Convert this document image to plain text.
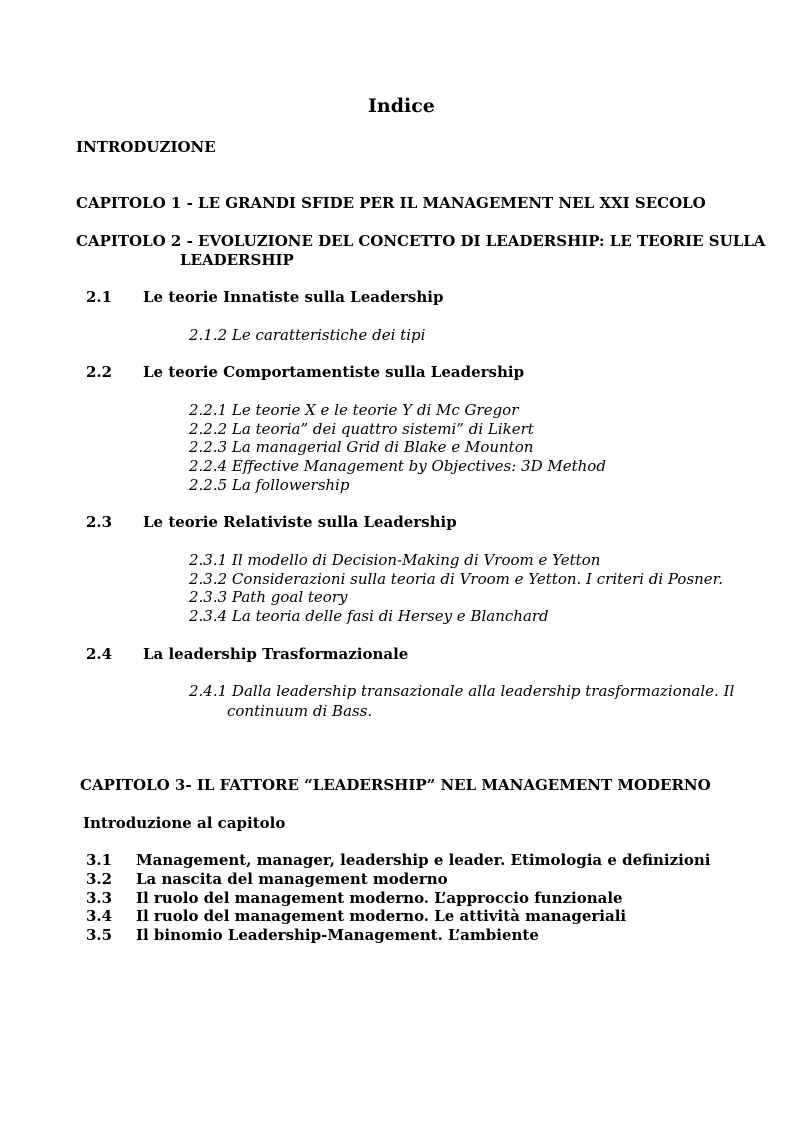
Indice
INTRODUZIONE
CAPITOLO 1 - LE GRANDI SFIDE PER IL MANAGEMENT NEL XXI SECOLO
CAPITOLO 2 - EVOLUZIONE DEL CONCETTO DI LEADERSHIP: LE TEORIE SULLA
LEADERSHIP
2.1 Le teorie Innatiste sulla Leadership
2.1.2 Le caratteristiche dei tipi
2.2 Le teorie Comportamentiste sulla Leadership
2.2.1 Le teorie X e le teorie Y di Mc Gregor
2.2.2 La teoria” dei quattro sistemi” di Likert
2.2.3 La managerial Grid di Blake e Mounton
2.2.4 Effective Management by Objectives: 3D Method
2.2.5 La followership
2.3 Le teorie Relativiste sulla Leadership
2.3.1 Il modello di Decision-Making di Vroom e Yetton
2.3.2 Considerazioni sulla teoria di Vroom e Yetton. I criteri di Posner.
2.3.3 Path goal teory
2.3.4 La teoria delle fasi di Hersey e Blanchard
2.4 La leadership Trasformazionale
2.4.1 Dalla leadership transazionale alla leadership trasformazionale. Il
continuum di Bass.
CAPITOLO 3- IL FATTORE “LEADERSHIP” NEL MANAGEMENT MODERNO
Introduzione al capitolo
3.1 Management, manager, leadership e leader. Etimologia e definizioni
3.2 La nascita del management moderno
3.3 Il ruolo del management moderno. L’approccio funzionale
3.4 Il ruolo del management moderno. Le attività manageriali
3.5 Il binomio Leadership-Management. L’ambiente
